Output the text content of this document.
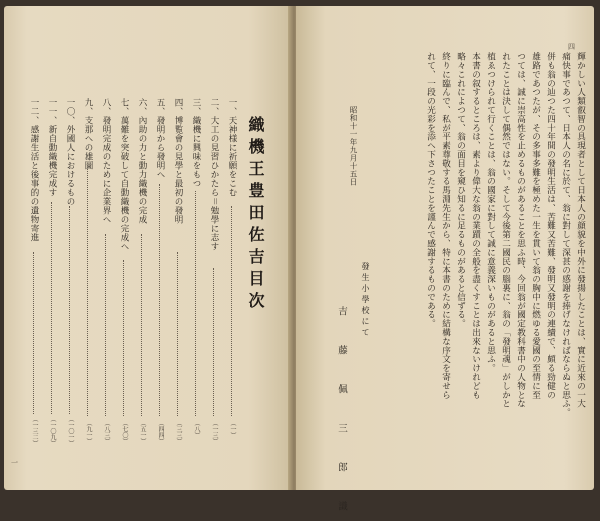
一
織機王豊田佐吉目次
一、天神様に祈願をこむ
（一）
二、大工の見習ひかたら＝勉學に志す
（一三）
三、織機に興味をもつ
（八）
四、博覧會の見學と最初の發明
（三三）
五、發明から發明へ
（四四）
六、內助の力と動力織機の完成
（五一）
七、萬難を突破して自動織機の完成へ
（七〇）
八、發明完成のために企業界へ
（八三）
九、支那への雄圖
（九一）
一〇、外國人におけるもの
（一〇一）
一一、新自動織機完成す
（一〇九）
一二、感謝生活と後事的の遺物寄進
（一三二）
四
輝かしい人類叡智の具現者として日本人の顔貌を中外に發揚したことは、實に近來の一大
痛快事であつて、日本人の名に於て、翁に對して深甚の感謝を捧げなければならぬと思ふ。
併も翁の辿つた四十年間の發明生活は、苦難又苦難、發明又發明の連續で、頗る勁健の
雄路であつたが、その多事多難を極めた一生を貫いて翁の胸中に燃ゆる愛國の至情に至
つては、誠に崇高性を止めるものがあることを思ふ時、今回翁が國定教科書中の人物とな
れたことは決して偶然ではない。そして今後第二國民の腦裏に、翁の「發明魂」がしかと
植ゑつけられて行くことは、翁の國家に對して誠に意義深いものがあると思ふ。
本書の叙するところは、素より偉大な翁の業蹟の全般を盡くすことは出來ないけれども
略々これによつて、翁の面目を窺ひ知るに足るものがあると信ずる。
終りに臨んで、私が平素尊敬する馬淵先生から、特に本書のために結構な序文を寄せら
れて、一段の光彩を添へ下さつたことを謹んで感謝するものである。
昭和十一年九月十五日
發生小學校にて
吉　藤　佩　三　郎　識
